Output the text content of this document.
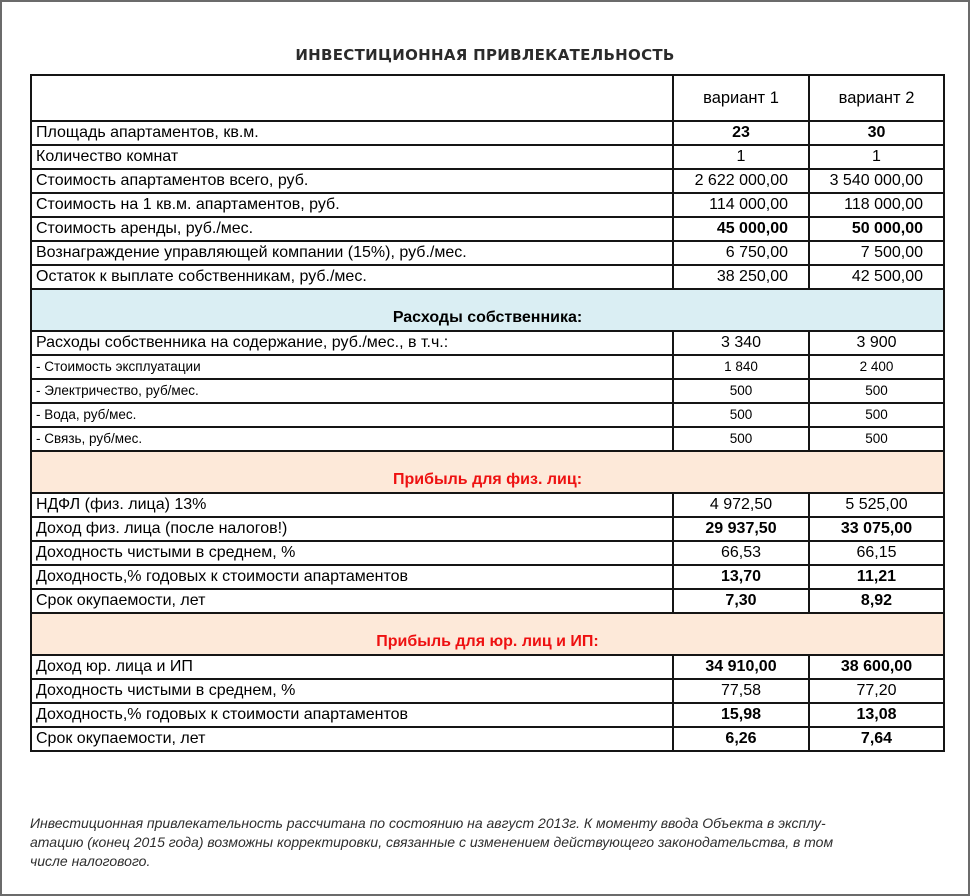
ИНВЕСТИЦИОННАЯ ПРИВЛЕКАТЕЛЬНОСТЬ
	вариант 1	вариант 2
Площадь апартаментов, кв.м.	23	30
Количество комнат	1	1
Стоимость апартаментов всего, руб.	2 622 000,00	3 540 000,00
Стоимость на 1 кв.м. апартаментов, руб.	114 000,00	118 000,00
Стоимость аренды, руб./мес.	45 000,00	50 000,00
Вознаграждение управляющей компании (15%), руб./мес.	6 750,00	7 500,00
Остаток к выплате собственникам, руб./мес.	38 250,00	42 500,00
Расходы собственника:		
Расходы собственника на содержание, руб./мес., в т.ч.:	3 340	3 900
- Стоимость эксплуатации	1 840	2 400
- Электричество, руб/мес.	500	500
- Вода, руб/мес.	500	500
- Связь, руб/мес.	500	500
Прибыль для физ. лиц:		
НДФЛ (физ. лица) 13%	4 972,50	5 525,00
Доход физ. лица (после налогов!)	29 937,50	33 075,00
Доходность чистыми в среднем, %	66,53	66,15
Доходность,% годовых к стоимости апартаментов	13,70	11,21
Срок окупаемости, лет	7,30	8,92
Прибыль для юр. лиц и ИП:		
Доход юр. лица и ИП	34 910,00	38 600,00
Доходность чистыми в среднем, %	77,58	77,20
Доходность,% годовых к стоимости апартаментов	15,98	13,08
Срок окупаемости, лет	6,26	7,64
Инвестиционная привлекательность рассчитана по состоянию на август 2013г. К моменту ввода Объекта в эксплу-
атацию (конец 2015 года) возможны корректировки, связанные с изменением действующего законодательства, в том
числе налогового.
